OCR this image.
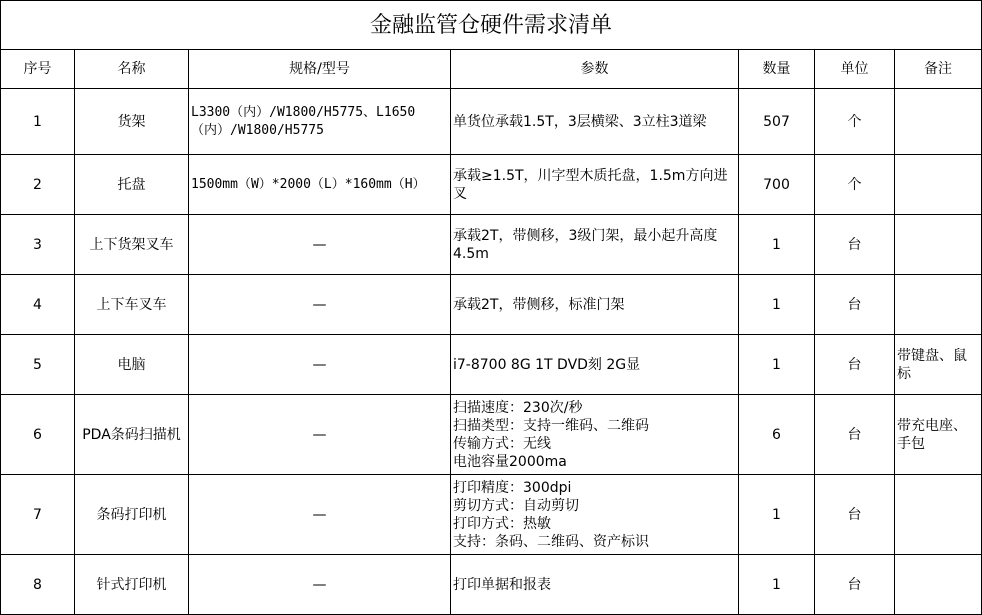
金融监管仓硬件需求清单						
序号	名称	规格/型号	参数	数量	单位	备注
1	货架	L3300（内）/W1800/H5775、L1650（内）/W1800/H5775	单货位承载1.5T，3层横梁、3立柱3道梁	507	个	
2	托盘	1500mm（W）*2000（L）*160mm（H）	承载≥1.5T，川字型木质托盘，1.5m方向进叉	700	个	
3	上下货架叉车	—	承载2T，带侧移，3级门架，最小起升高度4.5m	1	台	
4	上下车叉车	—	承载2T，带侧移，标准门架	1	台	
5	电脑	—	i7-8700 8G 1T DVD刻 2G显	1	台	带键盘、鼠标
6	PDA条码扫描机	—	扫描速度：230次/秒
扫描类型：支持一维码、二维码
传输方式：无线
电池容量2000ma	6	台	带充电座、手包
7	条码打印机	—	打印精度：300dpi
剪切方式：自动剪切
打印方式：热敏
支持：条码、二维码、资产标识	1	台	
8	针式打印机	—	打印单据和报表	1	台	
